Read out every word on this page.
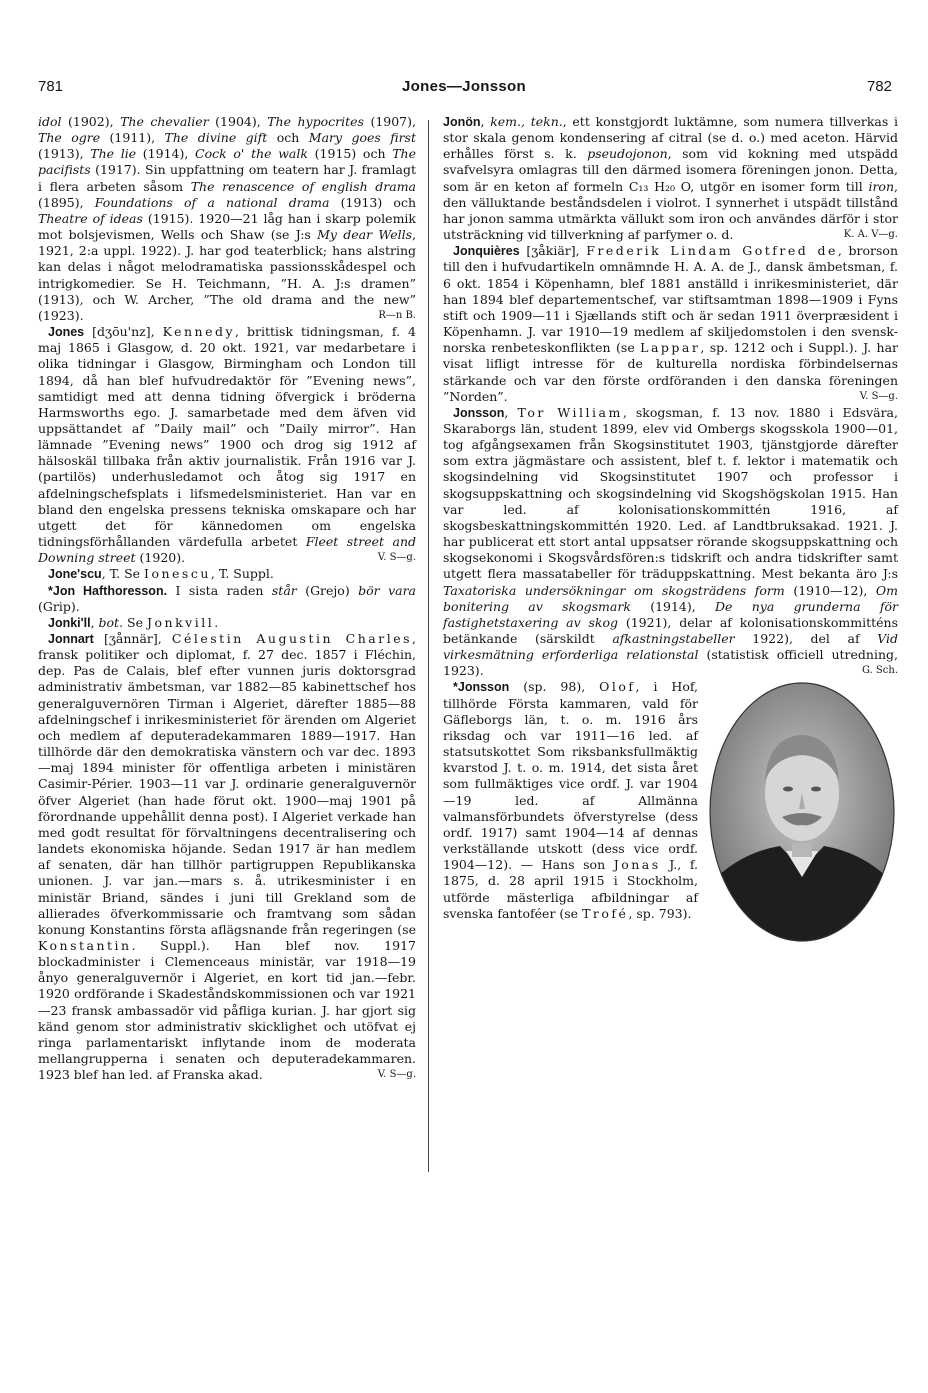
781	Jones—Jonsson	782

idol (1902), The chevalier (1904), The hypocrites (1907), The ogre (1911), The divine gift och Mary goes first (1913), The lie (1914), Cock o' the walk (1915) och The pacifists (1917). Sin uppfattning om teatern har J. framlagt i flera arbeten såsom The renascence of english drama (1895), Foundations of a national drama (1913) och Theatre of ideas (1915). 1920—21 låg han i skarp polemik mot bolsjevismen, Wells och Shaw (se J:s My dear Wells, 1921, 2:a uppl. 1922). J. har god teaterblick; hans alstring kan delas i något melodramatiska passionsskådespel och intrigkomedier. Se H. Teichmann, ”H. A. J:s dramen” (1913), och W. Archer, ”The old drama and the new” (1923).	R—n B.

Jones [dʒōu'nz], Kennedy, brittisk tidningsman, f. 4 maj 1865 i Glasgow, d. 20 okt. 1921, var medarbetare i olika tidningar i Glasgow, Birmingham och London till 1894, då han blef hufvudredaktör för ”Evening news”, samtidigt med att denna tidning öfvergick i bröderna Harmsworths ego. J. samarbetade med dem äfven vid uppsättandet af ”Daily mail” och ”Daily mirror”. Han lämnade ”Evening news” 1900 och drog sig 1912 af hälsoskäl tillbaka från aktiv journalistik. Från 1916 var J. (partilös) underhusledamot och åtog sig 1917 en afdelningschefsplats i lifsmedelsministeriet. Han var en bland den engelska pressens tekniska omskapare och har utgett det för kännedomen om engelska tidningsförhållanden värdefulla arbetet Fleet street and Downing street (1920).	V. S—g.

Jone'scu, T. Se Ionescu, T. Suppl.

*Jon Hafthoresson. I sista raden står (Grejo) bör vara (Grip).

Jonki'll, bot. Se Jonkvill.

Jonnart [ʒånnär], Célestin Augustin Charles, fransk politiker och diplomat, f. 27 dec. 1857 i Fléchin, dep. Pas de Calais, blef efter vunnen juris doktorsgrad administrativ ämbetsman, var 1882—85 kabinettschef hos generalguvernören Tirman i Algeriet, därefter 1885—88 afdelningschef i inrikesministeriet för ärenden om Algeriet och medlem af deputeradekammaren 1889—1917. Han tillhörde där den demokratiska vänstern och var dec. 1893—maj 1894 minister för offentliga arbeten i ministären Casimir-Périer. 1903—11 var J. ordinarie generalguvernör öfver Algeriet (han hade förut okt. 1900—maj 1901 på förordnande uppehållit denna post). I Algeriet verkade han med godt resultat för förvaltningens decentralisering och landets ekonomiska höjande. Sedan 1917 är han medlem af senaten, där han tillhör partigruppen Republikanska unionen. J. var jan.—mars s. å. utrikesminister i en ministär Briand, sändes i juni till Grekland som de allierades öfverkommissarie och framtvang som sådan konung Konstantins första aflägsnande från regeringen (se Konstantin. Suppl.). Han blef nov. 1917 blockadminister i Clemenceaus ministär, var 1918—19 ånyo generalguvernör i Algeriet, en kort tid jan.—febr. 1920 ordförande i Skadeståndskommissionen och var 1921—23 fransk ambassadör vid påfliga kurian. J. har gjort sig känd genom stor administrativ skicklighet och utöfvat ej ringa parlamentariskt inflytande inom de moderata mellangrupperna i senaten och deputeradekammaren. 1923 blef han led. af Franska akad.	V. S—g.

Jonön, kem., tekn., ett konstgjordt luktämne, som numera tillverkas i stor skala genom kondensering af citral (se d. o.) med aceton. Härvid erhålles först s. k. pseudojonon, som vid kokning med utspädd svafvelsyra omlagras till den därmed isomera föreningen jonon. Detta, som är en keton af formeln C₁₃ H₂₀ O, utgör en isomer form till iron, den välluktande beståndsdelen i violrot. I synnerhet i utspädt tillstånd har jonon samma utmärkta vällukt som iron och användes därför i stor utsträckning vid tillverkning af parfymer o. d.	K. A. V—g.

Jonquières [ʒåkiär], Frederik Lindam Gotfred de, brorson till den i hufvudartikeln omnämnde H. A. A. de J., dansk ämbetsman, f. 6 okt. 1854 i Köpenhamn, blef 1881 anställd i inrikesministeriet, där han 1894 blef departementschef, var stiftsamtman 1898—1909 i Fyns stift och 1909—11 i Sjællands stift och är sedan 1911 överpræsident i Köpenhamn. J. var 1910—19 medlem af skiljedomstolen i den svensk-norska renbeteskonflikten (se Lappar, sp. 1212 och i Suppl.). J. har visat lifligt intresse för de kulturella nordiska förbindelsernas stärkande och var den förste ordföranden i den danska föreningen ”Norden”.	V. S—g.

Jonsson, Tor William, skogsman, f. 13 nov. 1880 i Edsvära, Skaraborgs län, student 1899, elev vid Ombergs skogsskola 1900—01, tog afgångsexamen från Skogsinstitutet 1903, tjänstgjorde därefter som extra jägmästare och assistent, blef t. f. lektor i matematik och skogsindelning vid Skogsinstitutet 1907 och professor i skogsuppskattning och skogsindelning vid Skogshögskolan 1915. Han var led. af kolonisationskommittén 1916, af skogsbeskattningskommittén 1920. Led. af Landtbruksakad. 1921. J. har publicerat ett stort antal uppsatser rörande skogsuppskattning och skogsekonomi i Skogsvårdsfören:s tidskrift och andra tidskrifter samt utgett flera massatabeller för träduppskattning. Mest bekanta äro J:s Taxatoriska undersökningar om skogsträdens form (1910—12), Om bonitering av skogsmark (1914), De nya grunderna för fastighetstaxering av skog (1921), delar af kolonisationskommitténs betänkande (särskildt afkastningstabeller 1922), del af Vid virkesmätning erforderliga relationstal (statistisk officiell utredning, 1923).	G. Sch.

*Jonsson (sp. 98), Olof, i Hof, tillhörde Första kammaren, vald för Gäfleborgs län, t. o. m. 1916 års riksdag och var 1911—16 led. af statsutskottet Som riksbanksfullmäktig kvarstod J. t. o. m. 1914, det sista året som fullmäktiges vice ordf. J. var 1904—19 led. af Allmänna valmansförbundets öfverstyrelse (dess ordf. 1917) samt 1904—14 af dennas verkställande utskott (dess vice ordf. 1904—12). — Hans son Jonas J., f. 1875, d. 28 april 1915 i Stockholm, utförde mästerliga afbildningar af svenska fantoféer (se Trofé, sp. 793).
